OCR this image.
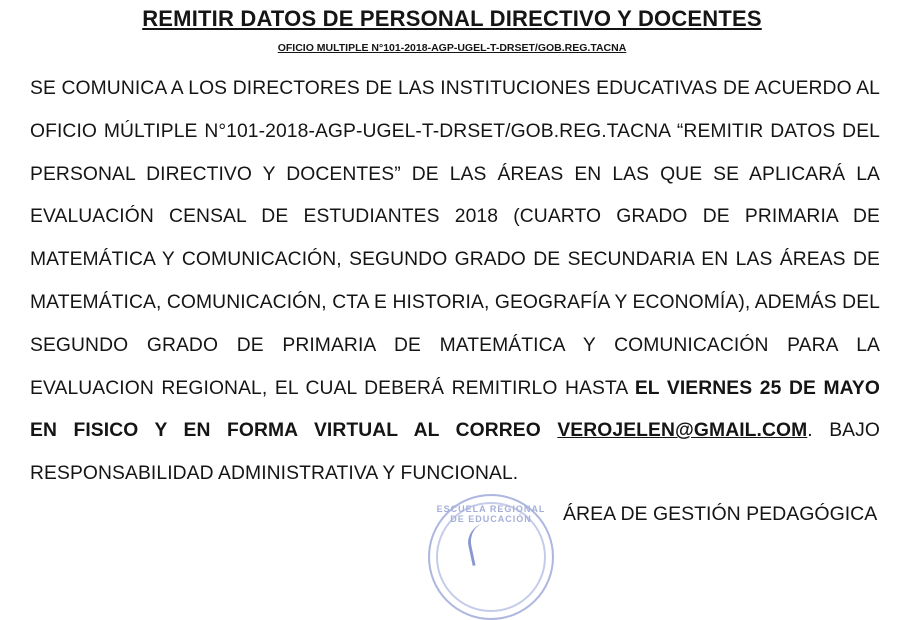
REMITIR DATOS DE PERSONAL DIRECTIVO Y DOCENTES
OFICIO MULTIPLE N°101-2018-AGP-UGEL-T-DRSET/GOB.REG.TACNA
SE COMUNICA A LOS DIRECTORES DE LAS INSTITUCIONES EDUCATIVAS DE ACUERDO AL OFICIO MÚLTIPLE N°101-2018-AGP-UGEL-T-DRSET/GOB.REG.TACNA “REMITIR DATOS DEL PERSONAL DIRECTIVO Y DOCENTES” DE LAS ÁREAS EN LAS QUE SE APLICARÁ LA EVALUACIÓN CENSAL DE ESTUDIANTES 2018 (CUARTO GRADO DE PRIMARIA DE MATEMÁTICA Y COMUNICACIÓN, SEGUNDO GRADO DE SECUNDARIA EN LAS ÁREAS DE MATEMÁTICA, COMUNICACIÓN, CTA E HISTORIA, GEOGRAFÍA Y ECONOMÍA), ADEMÁS DEL SEGUNDO GRADO DE PRIMARIA DE MATEMÁTICA Y COMUNICACIÓN PARA LA EVALUACION REGIONAL, EL CUAL DEBERÁ REMITIRLO HASTA EL VIERNES 25 DE MAYO EN FISICO Y EN FORMA VIRTUAL AL CORREO VEROJELEN@GMAIL.COM. BAJO RESPONSABILIDAD ADMINISTRATIVA Y FUNCIONAL.
ESCUELA REGIONAL DE EDUCACIÓN	ÁREA DE GESTIÓN PEDAGÓGICA
